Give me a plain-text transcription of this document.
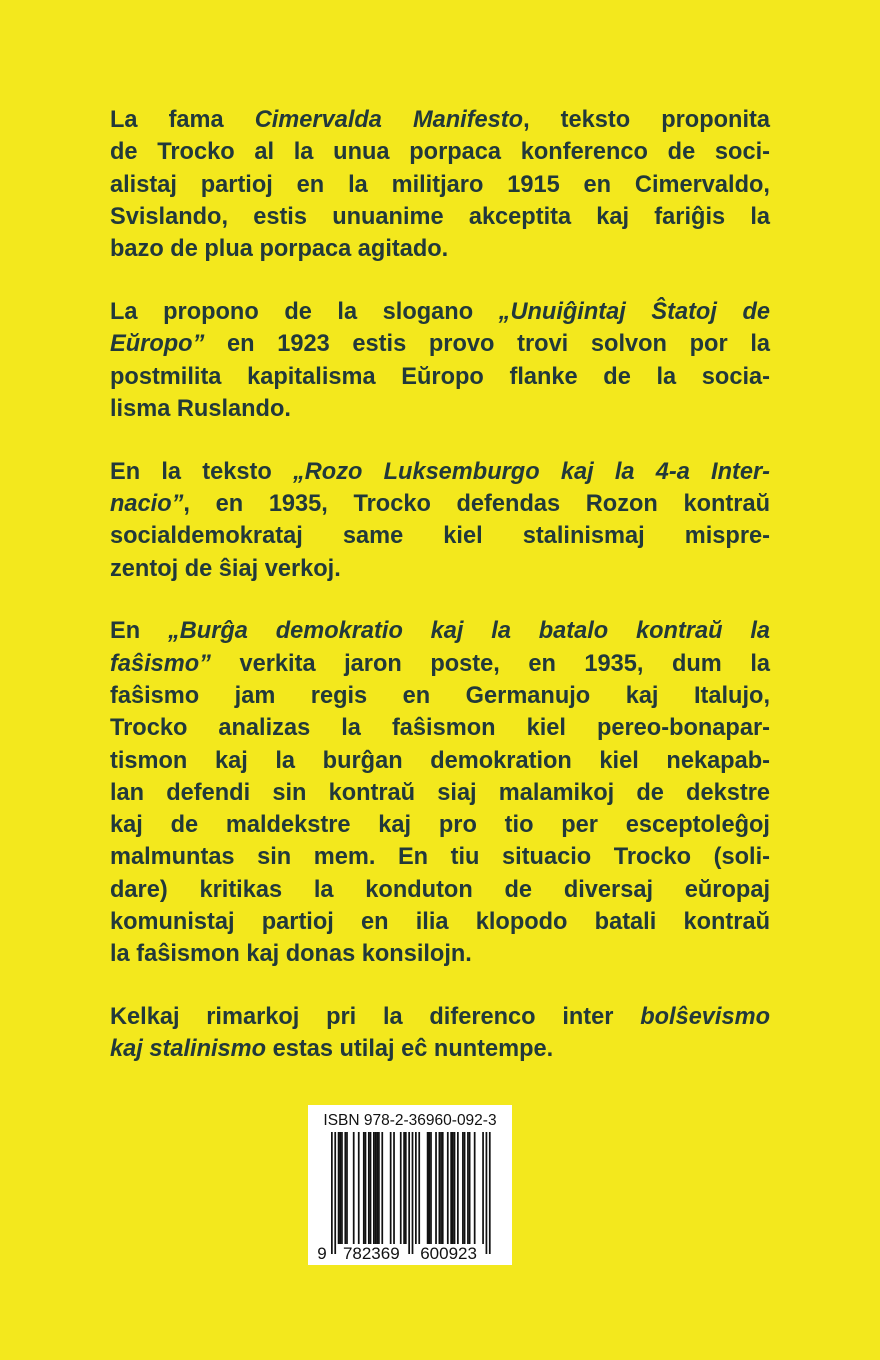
La fama Cimervalda Manifesto, teksto proponita
de Trocko al la unua porpaca konferenco de soci-
alistaj partioj en la militjaro 1915 en Cimervaldo,
Svislando, estis unuanime akceptita kaj fariĝis la
bazo de plua porpaca agitado.
La propono de la slogano „Unuiĝintaj Ŝtatoj de
Eŭropo” en 1923 estis provo trovi solvon por la
postmilita kapitalisma Eŭropo flanke de la socia-
lisma Ruslando.
En la teksto „Rozo Luksemburgo kaj la 4-a Inter-
nacio”, en 1935, Trocko defendas Rozon kontraŭ
socialdemokrataj same kiel stalinismaj mispre-
zentoj de ŝiaj verkoj.
En „Burĝa demokratio kaj la batalo kontraŭ la
faŝismo” verkita jaron poste, en 1935, dum la
faŝismo jam regis en Germanujo kaj Italujo,
Trocko analizas la faŝismon kiel pereo-bonapar-
tismon kaj la burĝan demokration kiel nekapab-
lan defendi sin kontraŭ siaj malamikoj de dekstre
kaj de maldekstre kaj pro tio per esceptoleĝoj
malmuntas sin mem. En tiu situacio Trocko (soli-
dare) kritikas la konduton de diversaj eŭropaj
komunistaj partioj en ilia klopodo batali kontraŭ
la faŝismon kaj donas konsilojn.
Kelkaj rimarkoj pri la diferenco inter bolŝevismo
kaj stalinismo estas utilaj eĉ nuntempe.
ISBN 978-2-36960-092-3
9 782369 600923
